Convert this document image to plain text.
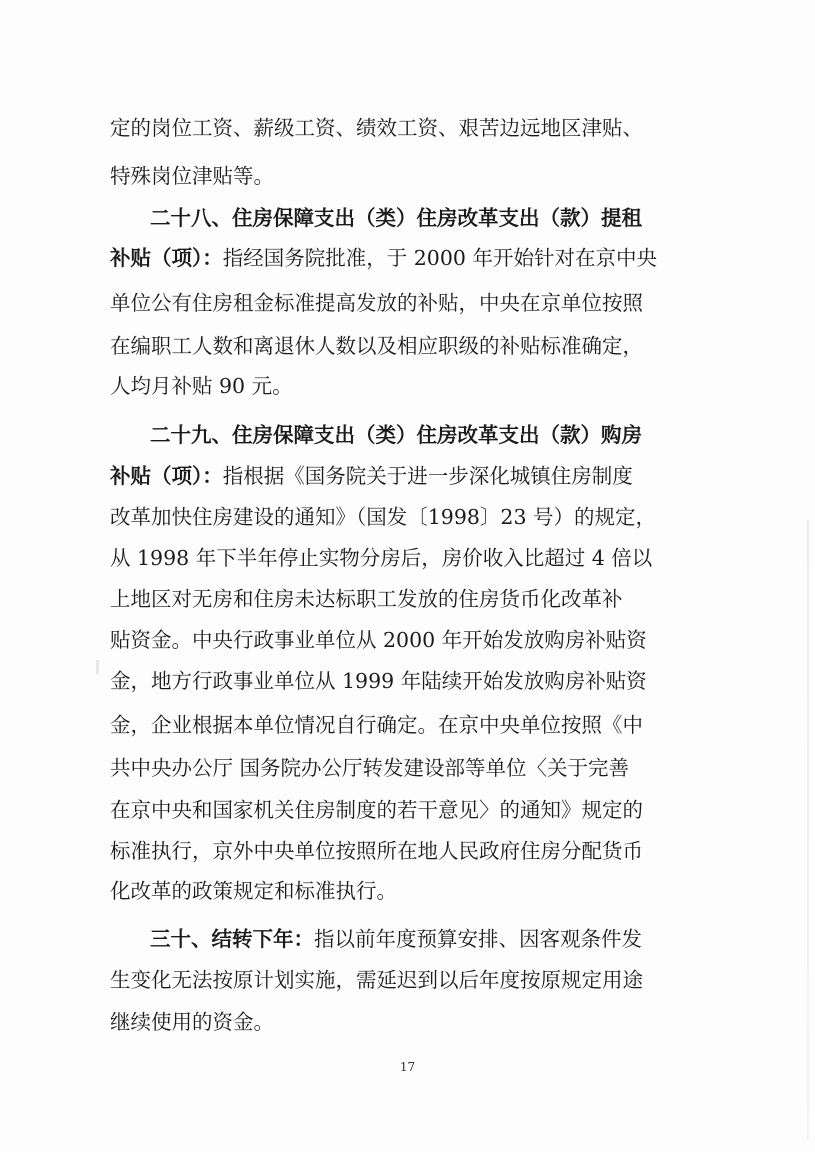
定的岗位工资、薪级工资、绩效工资、艰苦边远地区津贴、
特殊岗位津贴等。
二十八、住房保障支出（类）住房改革支出（款）提租
补贴（项）：指经国务院批准，于 2000 年开始针对在京中央
单位公有住房租金标准提高发放的补贴，中央在京单位按照
在编职工人数和离退休人数以及相应职级的补贴标准确定，
人均月补贴 90 元。
二十九、住房保障支出（类）住房改革支出（款）购房
补贴（项）：指根据《国务院关于进一步深化城镇住房制度
改革加快住房建设的通知》（国发〔1998〕23 号）的规定，
从 1998 年下半年停止实物分房后，房价收入比超过 4 倍以
上地区对无房和住房未达标职工发放的住房货币化改革补
贴资金。中央行政事业单位从 2000 年开始发放购房补贴资
金，地方行政事业单位从 1999 年陆续开始发放购房补贴资
金，企业根据本单位情况自行确定。在京中央单位按照《中
共中央办公厅 国务院办公厅转发建设部等单位〈关于完善
在京中央和国家机关住房制度的若干意见〉的通知》规定的
标准执行，京外中央单位按照所在地人民政府住房分配货币
化改革的政策规定和标准执行。
三十、结转下年：指以前年度预算安排、因客观条件发
生变化无法按原计划实施，需延迟到以后年度按原规定用途
继续使用的资金。
17
